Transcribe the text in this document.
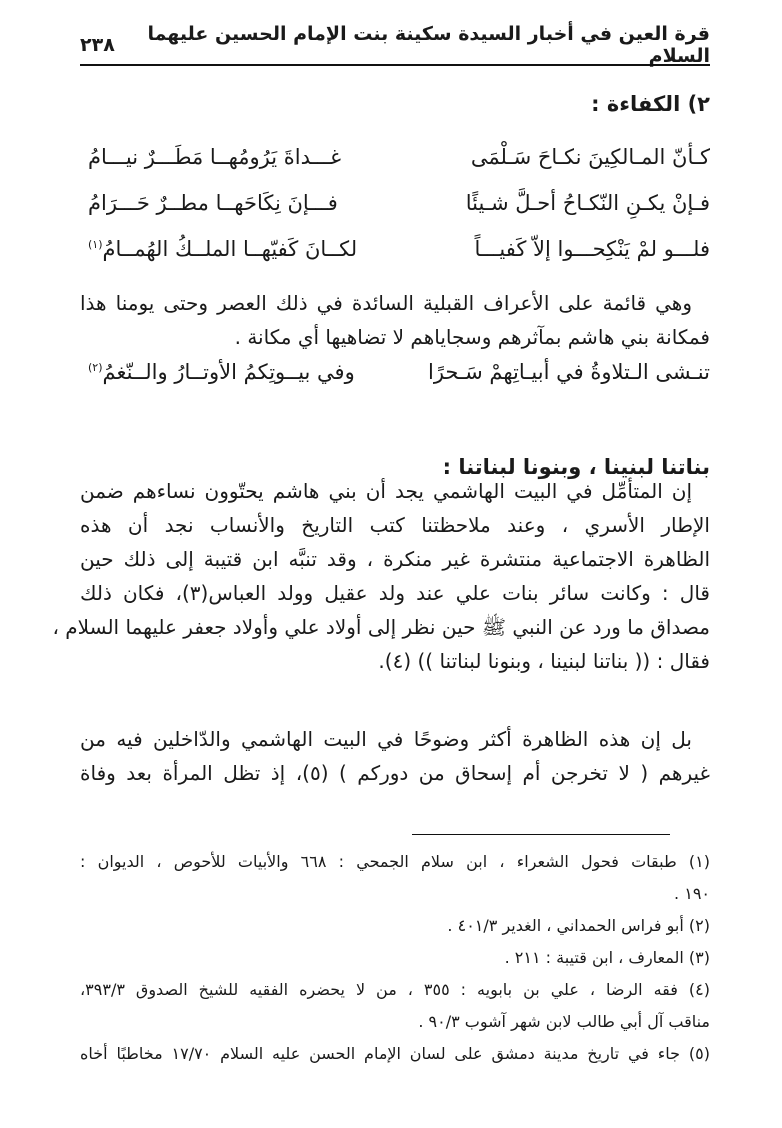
قرة العين في أخبار السيدة سكينة بنت الإمام الحسين عليهما السلام
٢٣٨
٢) الكفاءة :
كـأنّ المـالكِينَ نكـاحَ سَـلْمَى
غـــداةَ يَرُومُهــا مَطَـــرٌ نيـــامُ
فـإنْ يكـنِ النّكـاحُ أحـلَّ شـيئًا
فـــإنَ نِكَاحَهــا مطــرٌ حَـــرَامُ
فلـــو لمْ يَنْكِحـــوا إلاّ كَفيـــاً
لكــانَ كَفيّهــا الملــكُ الهُمــامُ$^{(١)}$
وهي قائمة على الأعراف القبلية السائدة في ذلك العصر وحتى يومنا هذا
فمكانة بني هاشم بمآثرهم وسجاياهم لا تضاهيها أي مكانة .
تنـشى الـتلاوةُ في أبيـاتِهمْ سَـحرًا
وفي بيــوتِكمُ الأوتــارُ والــنّغمُ$^{(٢)}$
بناتنا لبنينا ، وبنونا لبناتنا :
إن المتأمِّل في البيت الهاشمي يجد أن بني هاشم يحتّوون نساءهم ضمن
الإطار الأسري ، وعند ملاحظتنا كتب التاريخ والأنساب نجد أن هذه
الظاهرة الاجتماعية منتشرة غير منكرة ، وقد تنبَّه ابن قتيبة إلى ذلك حين
قال : وكانت سائر بنات علي عند ولد عقيل وولد العباس(٣)، فكان ذلك
مصداق ما ورد عن النبي ﷺ حين نظر إلى أولاد علي وأولاد جعفر عليهما السلام ،
فقال : (( بناتنا لبنينا ، وبنونا لبناتنا )) (٤).
بل إن هذه الظاهرة أكثر وضوحًا في البيت الهاشمي والدّاخلين فيه من
غيرهم ( لا تخرجن أم إسحاق من دوركم ) (٥)، إذ تظل المرأة بعد وفاة
(١) طبقات فحول الشعراء ، ابن سلام الجمحي : ٦٦٨ والأبيات للأحوص ، الديوان :
١٩٠ .
(٢) أبو فراس الحمداني ، الغدير ٤٠١/٣ .
(٣) المعارف ، ابن قتيبة : ٢١١ .
(٤) فقه الرضا ، علي بن بابويه : ٣٥٥ ، من لا يحضره الفقيه للشيخ الصدوق ٣٩٣/٣،
مناقب آل أبي طالب لابن شهر آشوب ٩٠/٣ .
(٥) جاء في تاريخ مدينة دمشق على لسان الإمام الحسن عليه السلام ١٧/٧٠ مخاطبًا أخاه
